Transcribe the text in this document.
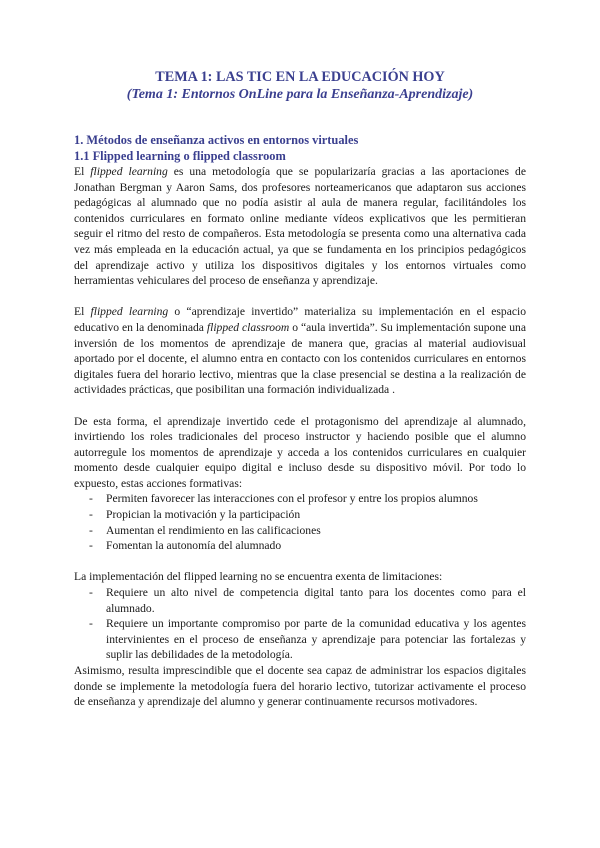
TEMA 1: LAS TIC EN LA EDUCACIÓN HOY
(Tema 1: Entornos OnLine para la Enseñanza-Aprendizaje)
1. Métodos de enseñanza activos en entornos virtuales
1.1 Flipped learning o flipped classroom

El flipped learning es una metodología que se popularizaría gracias a las aportaciones de Jonathan Bergman y Aaron Sams, dos profesores norteamericanos que adaptaron sus acciones pedagógicas al alumnado que no podía asistir al aula de manera regular, facilitándoles los contenidos curriculares en formato online mediante vídeos explicativos que les permitieran seguir el ritmo del resto de compañeros. Esta metodología se presenta como una alternativa cada vez más empleada en la educación actual, ya que se fundamenta en los principios pedagógicos del aprendizaje activo y utiliza los dispositivos digitales y los entornos virtuales como herramientas vehiculares del proceso de enseñanza y aprendizaje.

El flipped learning o “aprendizaje invertido” materializa su implementación en el espacio educativo en la denominada flipped classroom o “aula invertida”. Su implementación supone una inversión de los momentos de aprendizaje de manera que, gracias al material audiovisual aportado por el docente, el alumno entra en contacto con los contenidos curriculares en entornos digitales fuera del horario lectivo, mientras que la clase presencial se destina a la realización de actividades prácticas, que posibilitan una formación individualizada .

De esta forma, el aprendizaje invertido cede el protagonismo del aprendizaje al alumnado, invirtiendo los roles tradicionales del proceso instructor y haciendo posible que el alumno autorregule los momentos de aprendizaje y acceda a los contenidos curriculares en cualquier momento desde cualquier equipo digital e incluso desde su dispositivo móvil. Por todo lo expuesto, estas acciones formativas:

- Permiten favorecer las interacciones con el profesor y entre los propios alumnos
- Propician la motivación y la participación
- Aumentan el rendimiento en las calificaciones
- Fomentan la autonomía del alumnado

La implementación del flipped learning no se encuentra exenta de limitaciones:

- Requiere un alto nivel de competencia digital tanto para los docentes como para el alumnado.
- Requiere un importante compromiso por parte de la comunidad educativa y los agentes intervinientes en el proceso de enseñanza y aprendizaje para potenciar las fortalezas y suplir las debilidades de la metodología.

Asimismo, resulta imprescindible que el docente sea capaz de administrar los espacios digitales donde se implemente la metodología fuera del horario lectivo, tutorizar activamente el proceso de enseñanza y aprendizaje del alumno y generar continuamente recursos motivadores.
